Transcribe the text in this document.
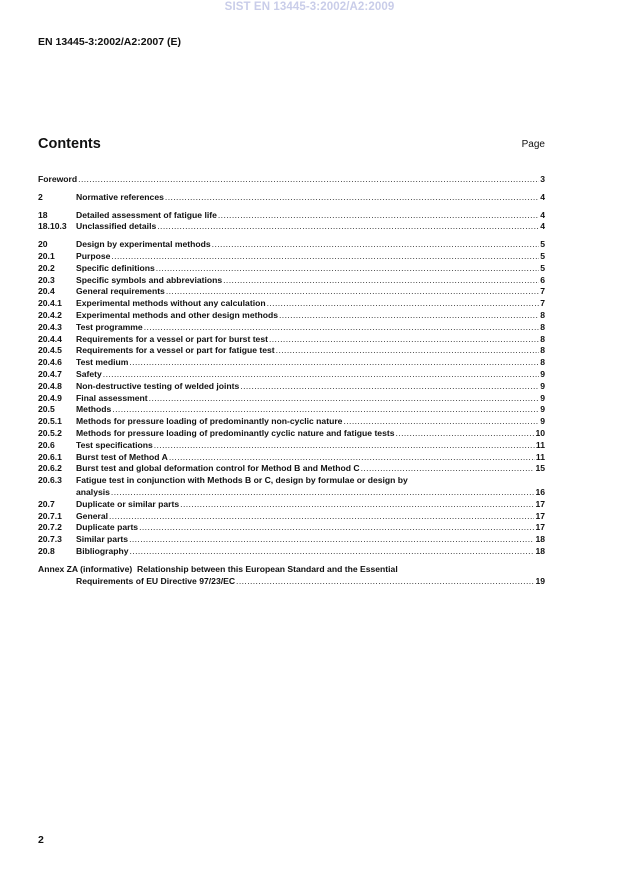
SIST EN 13445-3:2002/A2:2009
EN 13445-3:2002/A2:2007 (E)
Contents	Page
Foreword .....	3
2	Normative references .....	4
18	Detailed assessment of fatigue life .....	4
18.10.3	Unclassified details .....	4
20	Design by experimental methods .....	5
20.1	Purpose .....	5
20.2	Specific definitions .....	5
20.3	Specific symbols and abbreviations .....	6
20.4	General requirements .....	7
20.4.1	Experimental methods without any calculation .....	7
20.4.2	Experimental methods and other design methods .....	8
20.4.3	Test programme .....	8
20.4.4	Requirements for a vessel or part for burst test .....	8
20.4.5	Requirements for a vessel or part for fatigue test .....	8
20.4.6	Test medium .....	8
20.4.7	Safety .....	9
20.4.8	Non-destructive testing of welded joints .....	9
20.4.9	Final assessment .....	9
20.5	Methods .....	9
20.5.1	Methods for pressure loading of predominantly non-cyclic nature .....	9
20.5.2	Methods for pressure loading of predominantly cyclic nature and fatigue tests .....	10
20.6	Test specifications .....	11
20.6.1	Burst test of Method A .....	11
20.6.2	Burst test and global deformation control for Method B and Method C .....	15
20.6.3	Fatigue test in conjunction with Methods B or C, design by formulae or design by
analysis .....	16
20.7	Duplicate or similar parts .....	17
20.7.1	General .....	17
20.7.2	Duplicate parts .....	17
20.7.3	Similar parts .....	18
20.8	Bibliography .....	18
Annex ZA (informative)  Relationship between this European Standard and the Essential
Requirements of EU Directive 97/23/EC .....	19
2
